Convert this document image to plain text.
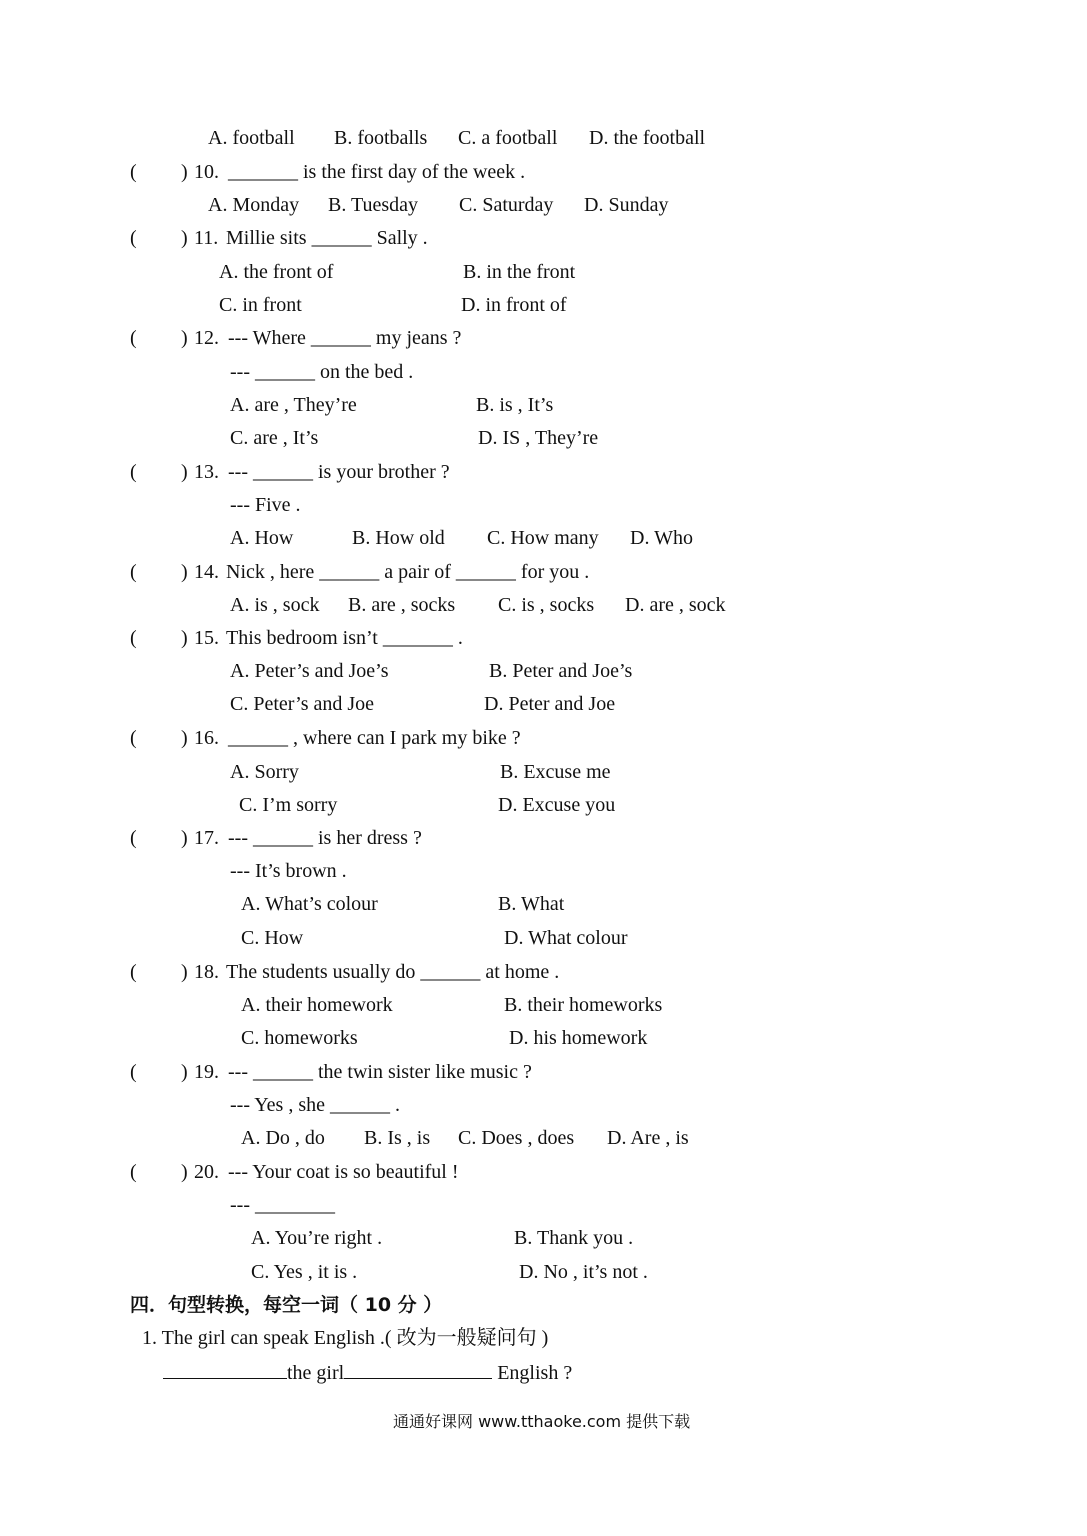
A. football B. footballs C. a football D. the football
( ) 10. _______ is the first day of the week .
A. Monday B. Tuesday C. Saturday D. Sunday
( ) 11. Millie sits ______ Sally .
A. the front of	B. in the front
C. in front	D. in front of
( ) 12. --- Where ______ my jeans ?
--- ______ on the bed .
A. are , They’re	B. is , It’s
C. are , It’s	D. IS , They’re
( ) 13. --- ______ is your brother ?
--- Five .
A. How	B. How old C. How many D. Who
( ) 14. Nick , here ______ a pair of ______ for you .
A. is , sock B. are , socks C. is , socks D. are , sock
( ) 15. This bedroom isn’t _______ .
A. Peter’s and Joe’s	B. Peter and Joe’s
C. Peter’s and Joe	D. Peter and Joe
( ) 16. ______ , where can I park my bike ?
A. Sorry	B. Excuse me
C. I’m sorry	D. Excuse you
( ) 17. --- ______ is her dress ?
--- It’s brown .
A. What’s colour	B. What
C. How	D. What colour
( ) 18. The students usually do ______ at home .
A. their homework	B. their homeworks
C. homeworks	D. his homework
( ) 19. --- ______ the twin sister like music ?
--- Yes , she ______ .
A. Do , do B. Is , is C. Does , does D. Are , is
( ) 20. --- Your coat is so beautiful !
--- ________
A. You’re right .	B. Thank you .
C. Yes , it is .	D. No , it’s not .
四．句型转换，每空一词（ 10 分 ）
1. The girl can speak English .( 改为一般疑问句 )
the girl	English ?
通通好课网 www.tthaoke.com 提供下载
